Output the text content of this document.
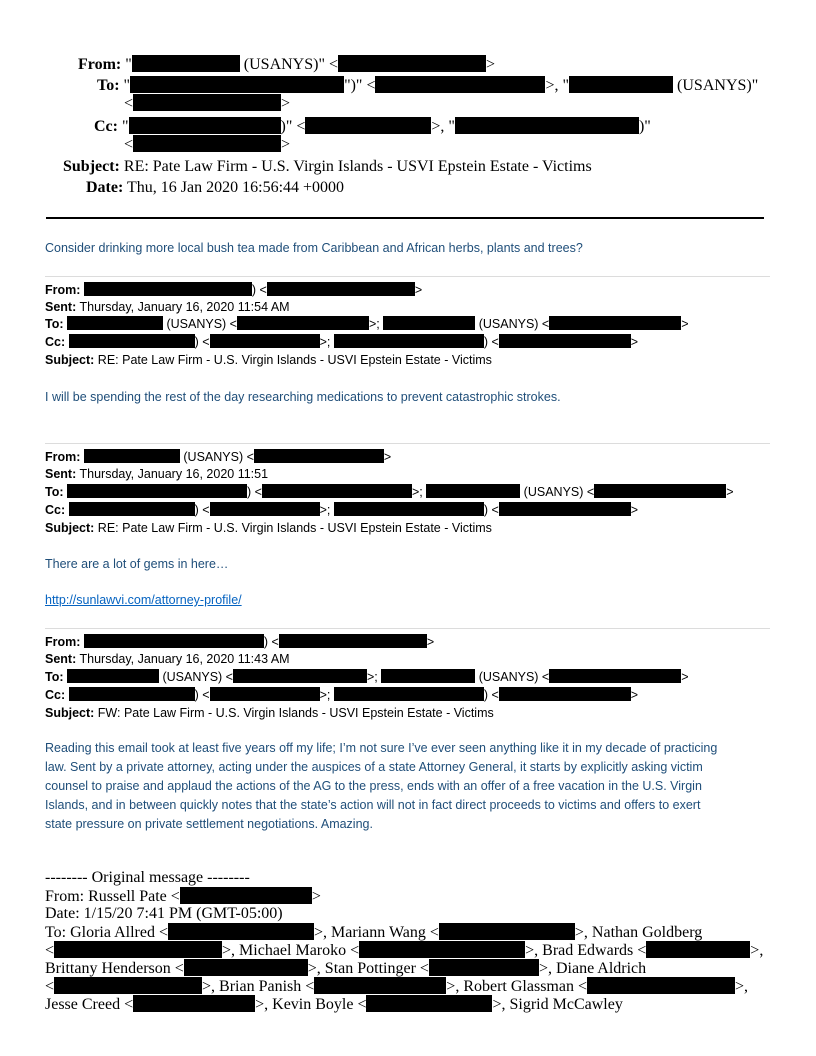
From: "	(USANYS)" <	>
To: "	")" <	>, "	(USANYS)"
<	>
Cc: "	)" <	>, "	)"
<	>
Subject: RE: Pate Law Firm - U.S. Virgin Islands - USVI Epstein Estate - Victims
Date: Thu, 16 Jan 2020 16:56:44 +0000
Consider drinking more local bush tea made from Caribbean and African herbs, plants and trees?
From:	) <	>
Sent: Thursday, January 16, 2020 11:54 AM
To:	(USANYS) <	>;	(USANYS) <	>
Cc:	) <	>;	) <	>
Subject: RE: Pate Law Firm - U.S. Virgin Islands - USVI Epstein Estate - Victims
I will be spending the rest of the day researching medications to prevent catastrophic strokes.
From:	(USANYS) <	>
Sent: Thursday, January 16, 2020 11:51
To:	) <	>;	(USANYS) <	>
Cc:	) <	>;	) <	>
Subject: RE: Pate Law Firm - U.S. Virgin Islands - USVI Epstein Estate - Victims
There are a lot of gems in here…
http://sunlawvi.com/attorney-profile/
From:	) <	>
Sent: Thursday, January 16, 2020 11:43 AM
To:	(USANYS) <	>;	(USANYS) <	>
Cc:	) <	>;	) <	>
Subject: FW: Pate Law Firm - U.S. Virgin Islands - USVI Epstein Estate - Victims
Reading this email took at least five years off my life; I’m not sure I’ve ever seen anything like it in my decade of practicing
law. Sent by a private attorney, acting under the auspices of a state Attorney General, it starts by explicitly asking victim
counsel to praise and applaud the actions of the AG to the press, ends with an offer of a free vacation in the U.S. Virgin
Islands, and in between quickly notes that the state’s action will not in fact direct proceeds to victims and offers to exert
state pressure on private settlement negotiations. Amazing.
-------- Original message --------
From: Russell Pate <	>
Date: 1/15/20 7:41 PM (GMT-05:00)
To: Gloria Allred <	>, Mariann Wang <	>, Nathan Goldberg
<	>, Michael Maroko <	>, Brad Edwards <	>,
Brittany Henderson <	>, Stan Pottinger <	>, Diane Aldrich
<	>, Brian Panish <	>, Robert Glassman <	>,
Jesse Creed <	>, Kevin Boyle <	>, Sigrid McCawley
